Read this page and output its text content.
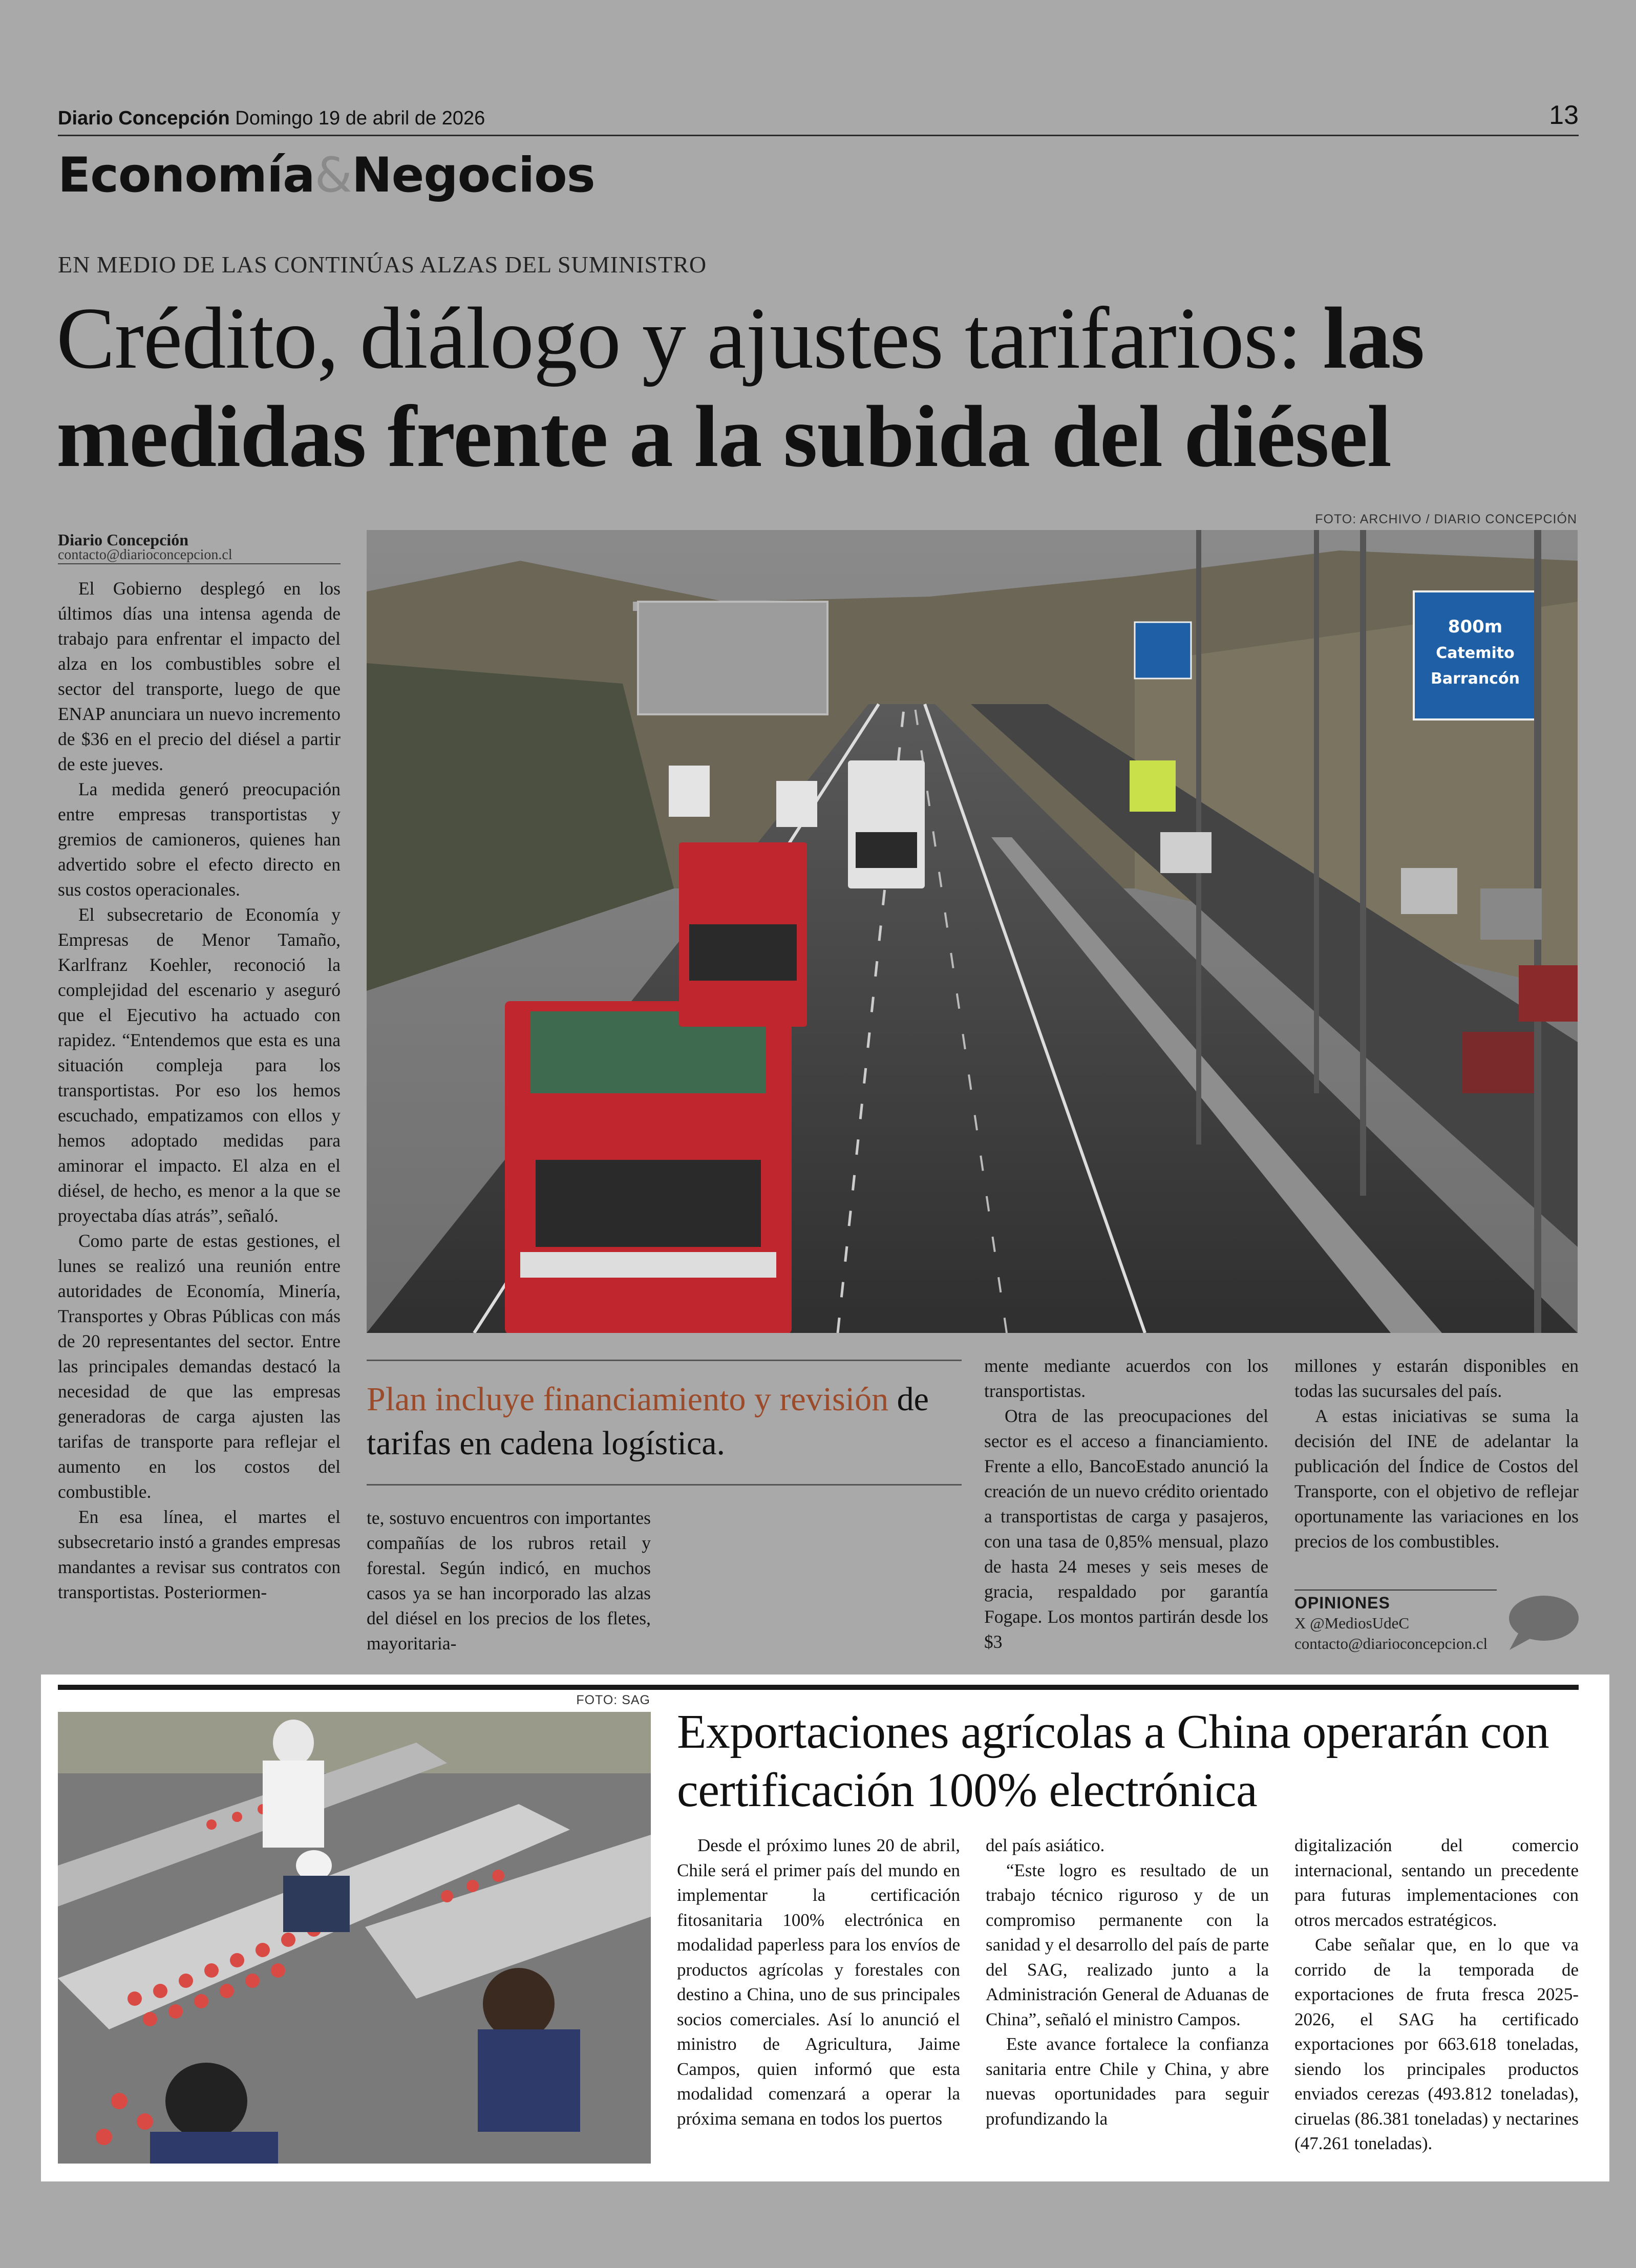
Diario Concepción Domingo 19 de abril de 2026	13
Economía&Negocios
EN MEDIO DE LAS CONTINÚAS ALZAS DEL SUMINISTRO
Crédito, diálogo y ajustes tarifarios: las medidas frente a la subida del diésel
Diario Concepción
contacto@diarioconcepcion.cl

El Gobierno desplegó en los últimos días una intensa agenda de trabajo para enfrentar el impacto del alza en los combustibles sobre el sector del transporte, luego de que ENAP anunciara un nuevo incremento de $36 en el precio del diésel a partir de este jueves.

La medida generó preocupación entre empresas transportistas y gremios de camioneros, quienes han advertido sobre el efecto directo en sus costos operacionales.

El subsecretario de Economía y Empresas de Menor Tamaño, Karlfranz Koehler, reconoció la complejidad del escenario y aseguró que el Ejecutivo ha actuado con rapidez. “Entendemos que esta es una situación compleja para los transportistas. Por eso los hemos escuchado, empatizamos con ellos y hemos adoptado medidas para aminorar el impacto. El alza en el diésel, de hecho, es menor a la que se proyectaba días atrás”, señaló.

Como parte de estas gestiones, el lunes se realizó una reunión entre autoridades de Economía, Minería, Transportes y Obras Públicas con más de 20 representantes del sector. Entre las principales demandas destacó la necesidad de que las empresas generadoras de carga ajusten las tarifas de transporte para reflejar el aumento en los costos del combustible.

En esa línea, el martes el subsecretario instó a grandes empresas mandantes a revisar sus contratos con transportistas. Posteriormen-

FOTO: ARCHIVO / DIARIO CONCEPCIÓN
800m
Catemito
Barrancón
Plan incluye financiamiento y revisión de tarifas en cadena logística.

te, sostuvo encuentros con importantes compañías de los rubros retail y forestal. Según indicó, en muchos casos ya se han incorporado las alzas del diésel en los precios de los fletes, mayoritaria-

mente mediante acuerdos con los transportistas.

Otra de las preocupaciones del sector es el acceso a financiamiento. Frente a ello, BancoEstado anunció la creación de un nuevo crédito orientado a transportistas de carga y pasajeros, con una tasa de 0,85% mensual, plazo de hasta 24 meses y seis meses de gracia, respaldado por garantía Fogape. Los montos partirán desde los $3

millones y estarán disponibles en todas las sucursales del país.

A estas iniciativas se suma la decisión del INE de adelantar la publicación del Índice de Costos del Transporte, con el objetivo de reflejar oportunamente las variaciones en los precios de los combustibles.

OPINIONES
X @MediosUdeC
contacto@diarioconcepcion.cl
FOTO: SAG
Exportaciones agrícolas a China operarán con certificación 100% electrónica

Desde el próximo lunes 20 de abril, Chile será el primer país del mundo en implementar la certificación fitosanitaria 100% electrónica en modalidad paperless para los envíos de productos agrícolas y forestales con destino a China, uno de sus principales socios comerciales. Así lo anunció el ministro de Agricultura, Jaime Campos, quien informó que esta modalidad comenzará a operar la próxima semana en todos los puertos

del país asiático.

“Este logro es resultado de un trabajo técnico riguroso y de un compromiso permanente con la sanidad y el desarrollo del país de parte del SAG, realizado junto a la Administración General de Aduanas de China”, señaló el ministro Campos.

Este avance fortalece la confianza sanitaria entre Chile y China, y abre nuevas oportunidades para seguir profundizando la

digitalización del comercio internacional, sentando un precedente para futuras implementaciones con otros mercados estratégicos.

Cabe señalar que, en lo que va corrido de la temporada de exportaciones de fruta fresca 2025-2026, el SAG ha certificado exportaciones por 663.618 toneladas, siendo los principales productos enviados cerezas (493.812 toneladas), ciruelas (86.381 toneladas) y nectarines (47.261 toneladas).
